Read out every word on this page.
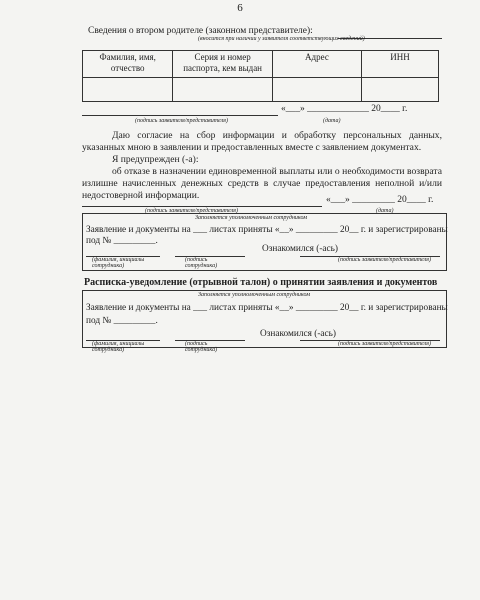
6
Сведения о втором родителе (законном представителе):
(вносится при наличии у заявителя соответствующих сведений)
Фамилия, имя, отчество	Серия и номер паспорта, кем выдан	Адрес	ИНН

«___» _____________ 20____ г.
(подпись заявителя/представителя)	(дата)
Даю согласие на сбор информации и обработку персональных данных, указанных мною в заявлении и предоставленных вместе с заявлением документах.
Я предупрежден (-а):
об отказе в назначении единовременной выплаты или о необходимости возврата излишне начисленных денежных средств в случае предоставления неполной и/или недостоверной информации.	«___» _________ 20____ г.
(подпись заявителя/представителя)	(дата)
Заполняется уполномоченным сотрудником
Заявление и документы на ___ листах приняты «__» _________ 20__ г. и зарегистрированы
под № _________.
Ознакомился (-ась)
(фамилия, инициалы сотрудника)
(подпись сотрудника)
(подпись заявителя/представителя)
Расписка-уведомление (отрывной талон) о принятии заявления и документов
Заполняется уполномоченным сотрудником
Заявление и документы на ___ листах приняты «__» _________ 20__ г. и зарегистрированы
под № _________.
Ознакомился (-ась)
(фамилия, инициалы сотрудника)
(подпись сотрудника)
(подпись заявителя/представителя)
